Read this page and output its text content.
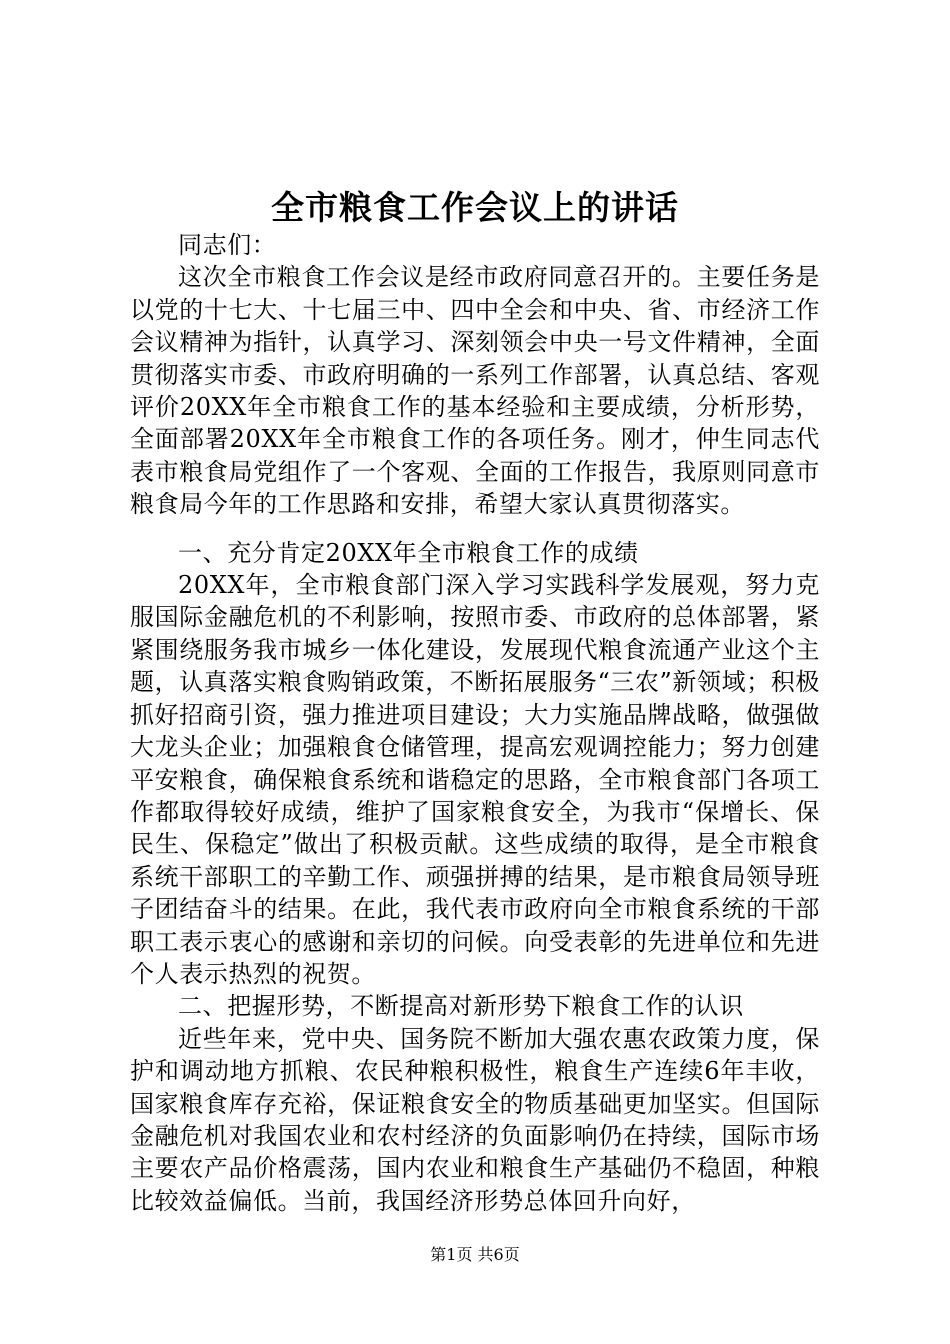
全市粮食工作会议上的讲话

同志们：

这次全市粮食工作会议是经市政府同意召开的。主要任务是以党的十七大、十七届三中、四中全会和中央、省、市经济工作会议精神为指针，认真学习、深刻领会中央一号文件精神，全面贯彻落实市委、市政府明确的一系列工作部署，认真总结、客观评价20XX年全市粮食工作的基本经验和主要成绩，分析形势，全面部署20XX年全市粮食工作的各项任务。刚才，仲生同志代表市粮食局党组作了一个客观、全面的工作报告，我原则同意市粮食局今年的工作思路和安排，希望大家认真贯彻落实。

一、充分肯定20XX年全市粮食工作的成绩

20XX年，全市粮食部门深入学习实践科学发展观，努力克服国际金融危机的不利影响，按照市委、市政府的总体部署，紧紧围绕服务我市城乡一体化建设，发展现代粮食流通产业这个主题，认真落实粮食购销政策，不断拓展服务“三农”新领域；积极抓好招商引资，强力推进项目建设；大力实施品牌战略，做强做大龙头企业；加强粮食仓储管理，提高宏观调控能力；努力创建平安粮食，确保粮食系统和谐稳定的思路，全市粮食部门各项工作都取得较好成绩，维护了国家粮食安全，为我市“保增长、保民生、保稳定”做出了积极贡献。这些成绩的取得，是全市粮食系统干部职工的辛勤工作、顽强拼搏的结果，是市粮食局领导班子团结奋斗的结果。在此，我代表市政府向全市粮食系统的干部职工表示衷心的感谢和亲切的问候。向受表彰的先进单位和先进个人表示热烈的祝贺。

二、把握形势，不断提高对新形势下粮食工作的认识

近些年来，党中央、国务院不断加大强农惠农政策力度，保护和调动地方抓粮、农民种粮积极性，粮食生产连续6年丰收，国家粮食库存充裕，保证粮食安全的物质基础更加坚实。但国际金融危机对我国农业和农村经济的负面影响仍在持续，国际市场主要农产品价格震荡，国内农业和粮食生产基础仍不稳固，种粮比较效益偏低。当前，我国经济形势总体回升向好，

第1页 共6页
